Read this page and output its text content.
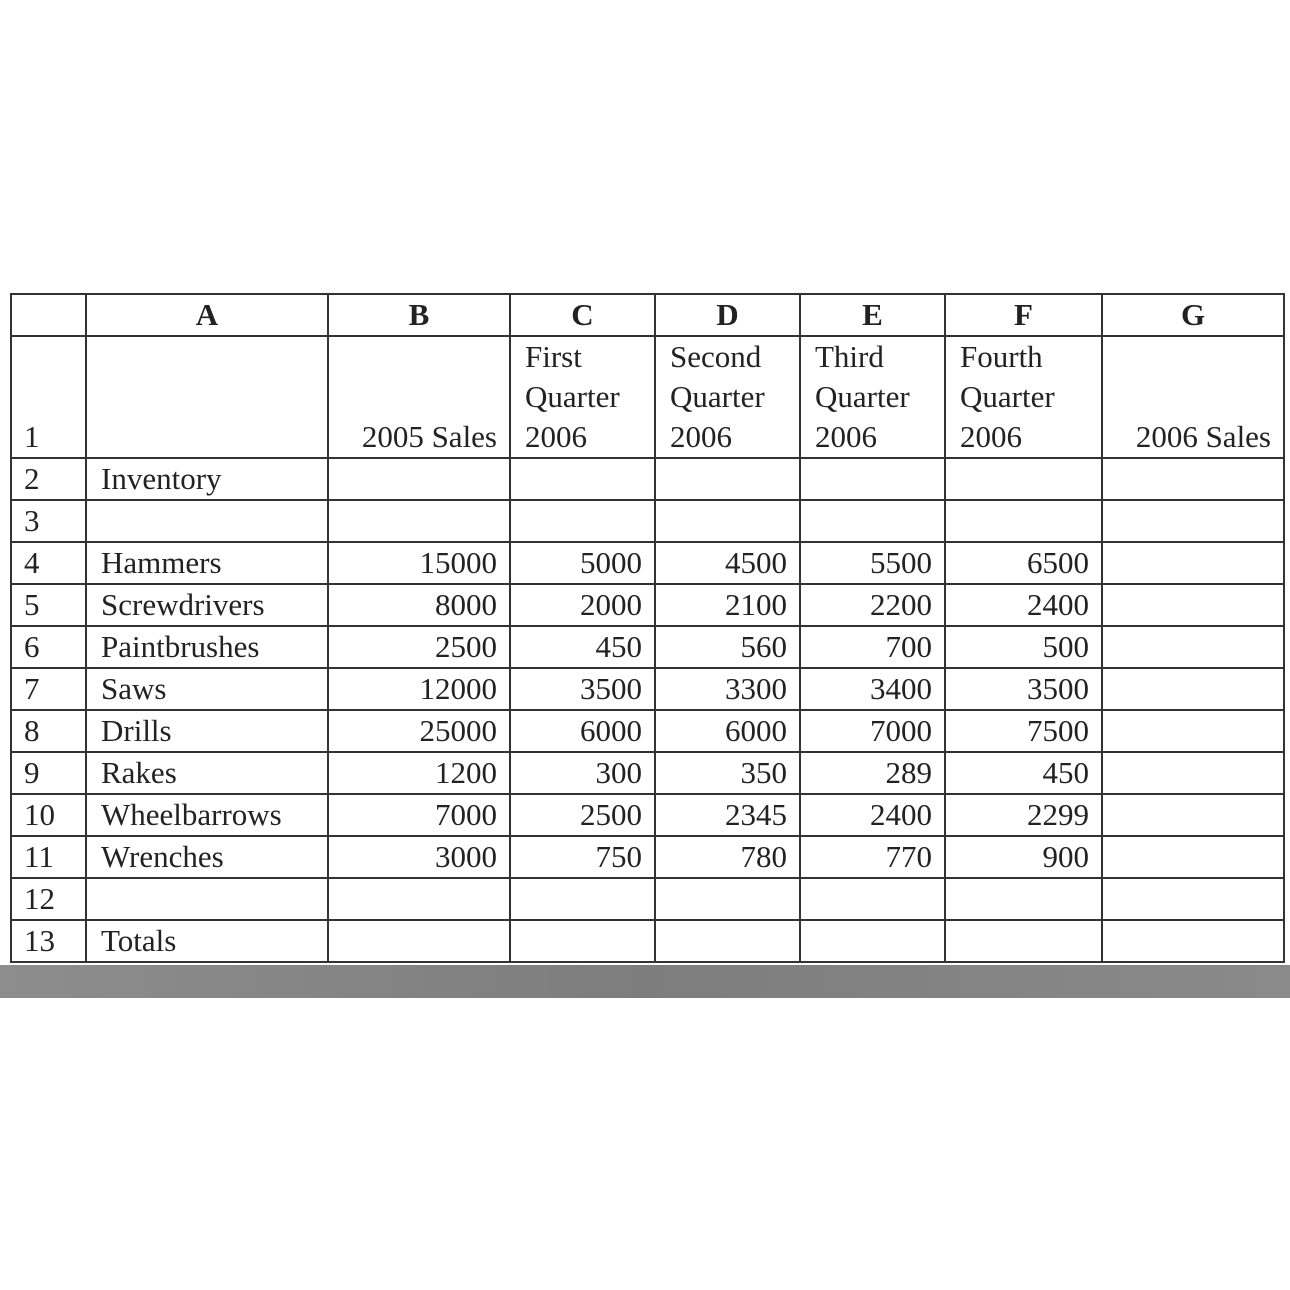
	A	B	C	D	E	F	G
1		2005 Sales	First
Quarter
2006	Second
Quarter
2006	Third
Quarter
2006	Fourth
Quarter
2006	2006 Sales
2	Inventory						
3							
4	Hammers	15000	5000	4500	5500	6500	
5	Screwdrivers	8000	2000	2100	2200	2400	
6	Paintbrushes	2500	450	560	700	500	
7	Saws	12000	3500	3300	3400	3500	
8	Drills	25000	6000	6000	7000	7500	
9	Rakes	1200	300	350	289	450	
10	Wheelbarrows	7000	2500	2345	2400	2299	
11	Wrenches	3000	750	780	770	900	
12							
13	Totals						
